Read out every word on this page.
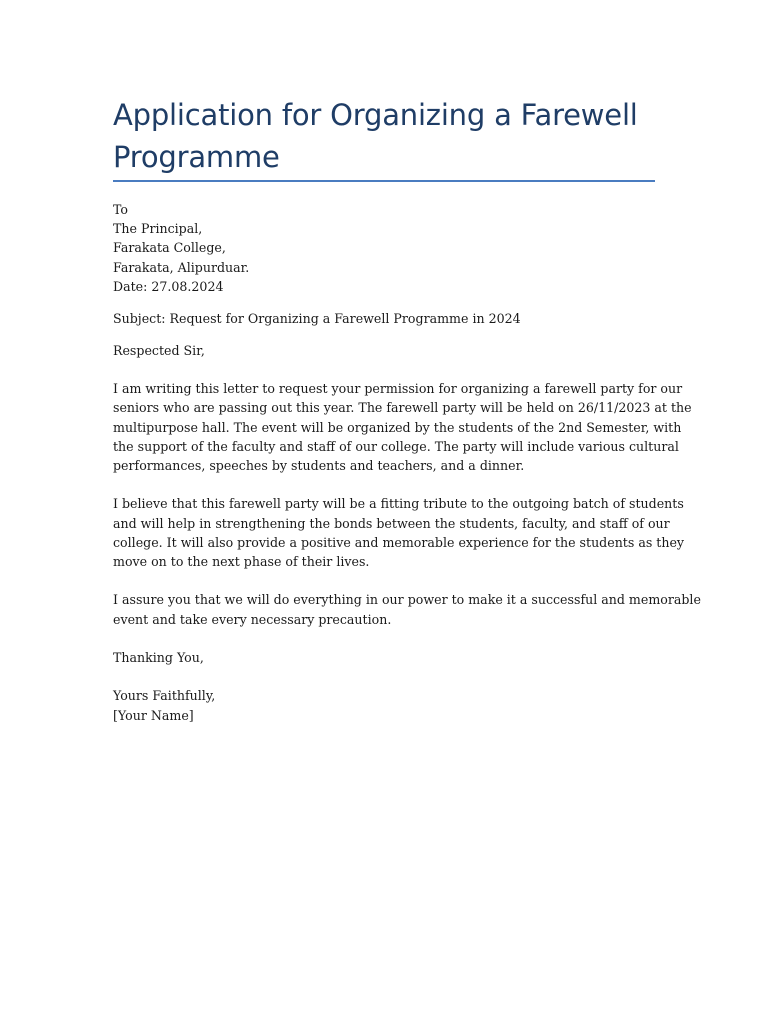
Application for Organizing a Farewell Programme
To
The Principal,
Farakata College,
Farakata, Alipurduar.
Date: 27.08.2024
Subject: Request for Organizing a Farewell Programme in 2024
Respected Sir,
I am writing this letter to request your permission for organizing a farewell party for our
seniors who are passing out this year. The farewell party will be held on 26/11/2023 at the
multipurpose hall. The event will be organized by the students of the 2nd Semester, with
the support of the faculty and staff of our college. The party will include various cultural
performances, speeches by students and teachers, and a dinner.
I believe that this farewell party will be a fitting tribute to the outgoing batch of students
and will help in strengthening the bonds between the students, faculty, and staff of our
college. It will also provide a positive and memorable experience for the students as they
move on to the next phase of their lives.
I assure you that we will do everything in our power to make it a successful and memorable
event and take every necessary precaution.
Thanking You,
Yours Faithfully,
[Your Name]
